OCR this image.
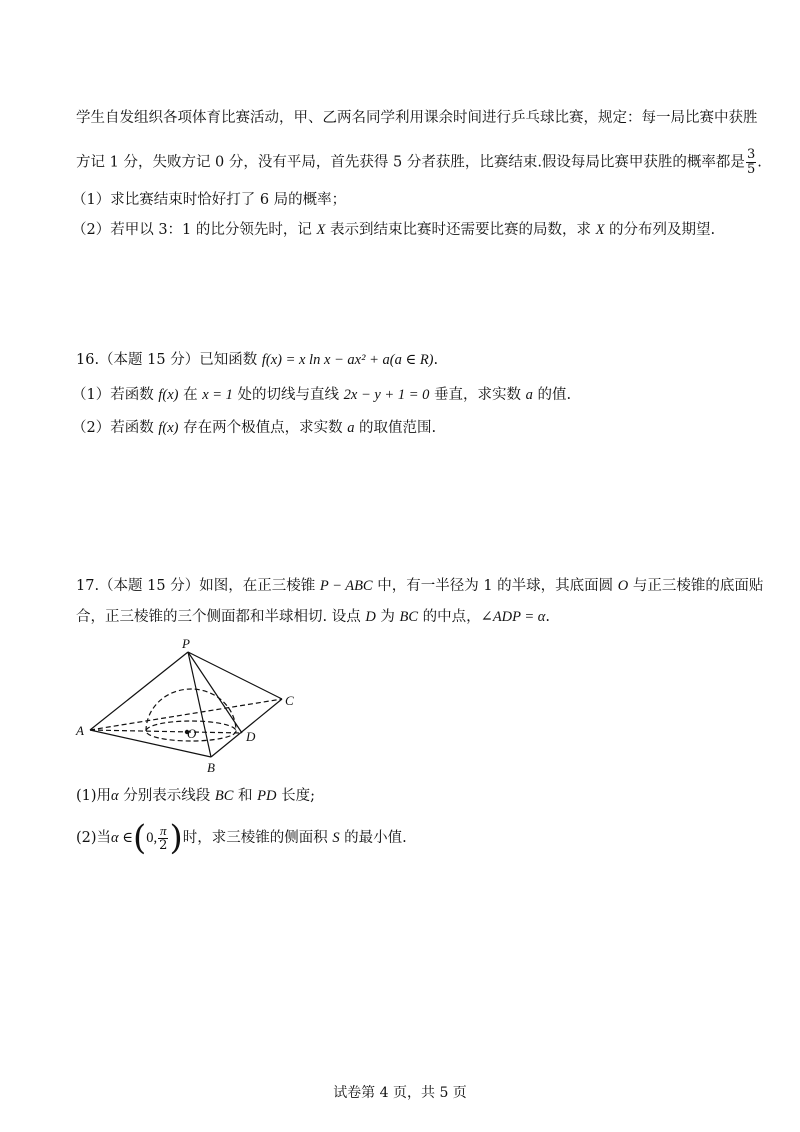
学生自发组织各项体育比赛活动，甲、乙两名同学利用课余时间进行乒乓球比赛，规定：每一局比赛中获胜
方记 1 分，失败方记 0 分，没有平局，首先获得 5 分者获胜，比赛结束.假设每局比赛甲获胜的概率都是 $\frac{3}{5}$ .
（1）求比赛结束时恰好打了 6 局的概率；
（2）若甲以 3：1 的比分领先时，记 X 表示到结束比赛时还需要比赛的局数，求 X 的分布列及期望.
16.（本题 15 分）已知函数 f(x) = x ln x − ax² + a(a ∈ R).
（1）若函数 f(x) 在 x = 1 处的切线与直线 2x − y + 1 = 0 垂直，求实数 a 的值.
（2）若函数 f(x) 存在两个极值点，求实数 a 的取值范围.
17.（本题 15 分）如图，在正三棱锥 P − ABC 中，有一半径为 1 的半球，其底面圆 O 与正三棱锥的底面贴
合，正三棱锥的三个侧面都和半球相切. 设点 D 为 BC 的中点，∠ADP = α.
P
A
B
C
D
O
(1)用α 分别表示线段 BC 和 PD 长度;
(2)当α ∈(0, $\frac{\pi}{2}$ )时，求三棱锥的侧面积 S 的最小值.
试卷第 4 页，共 5 页
